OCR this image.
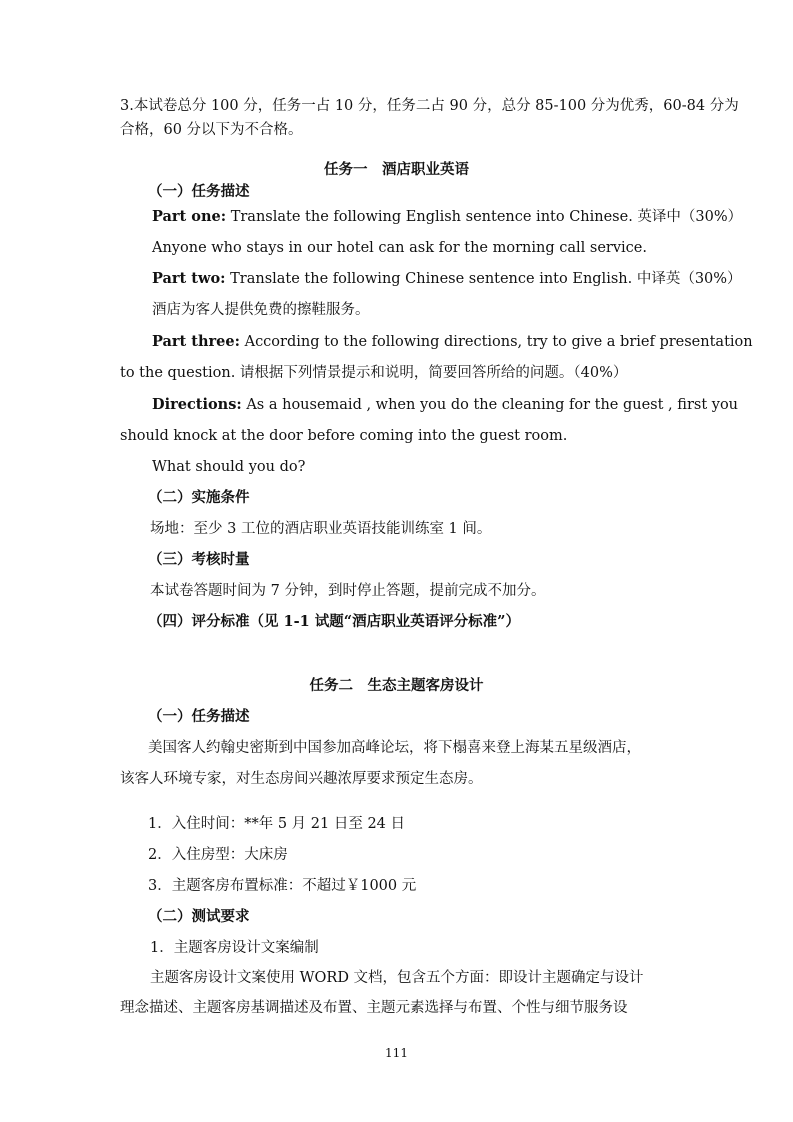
3.本试卷总分 100 分，任务一占 10 分，任务二占 90 分，总分 85-100 分为优秀，60-84 分为
合格，60 分以下为不合格。
任务一　酒店职业英语
（一）任务描述
Part one: Translate the following English sentence into Chinese. 英译中（30%）
Anyone who stays in our hotel can ask for the morning call service.
Part two: Translate the following Chinese sentence into English. 中译英（30%）
酒店为客人提供免费的擦鞋服务。
Part three: According to the following directions, try to give a brief presentation
to the question. 请根据下列情景提示和说明，简要回答所给的问题。（40%）
Directions: As a housemaid , when you do the cleaning for the guest , first you
should knock at the door before coming into the guest room.
What should you do?
（二）实施条件
场地：至少 3 工位的酒店职业英语技能训练室 1 间。
（三）考核时量
本试卷答题时间为 7 分钟，到时停止答题，提前完成不加分。
（四）评分标准（见 1-1 试题“酒店职业英语评分标准”）
任务二　生态主题客房设计
（一）任务描述
美国客人约翰史密斯到中国参加高峰论坛，将下榻喜来登上海某五星级酒店，
该客人环境专家，对生态房间兴趣浓厚要求预定生态房。
1．入住时间：**年 5 月 21 日至 24 日
2．入住房型：大床房
3．主题客房布置标准：不超过￥1000 元
（二）测试要求
1．主题客房设计文案编制
主题客房设计文案使用 WORD 文档，包含五个方面：即设计主题确定与设计
理念描述、主题客房基调描述及布置、主题元素选择与布置、个性与细节服务设
111
